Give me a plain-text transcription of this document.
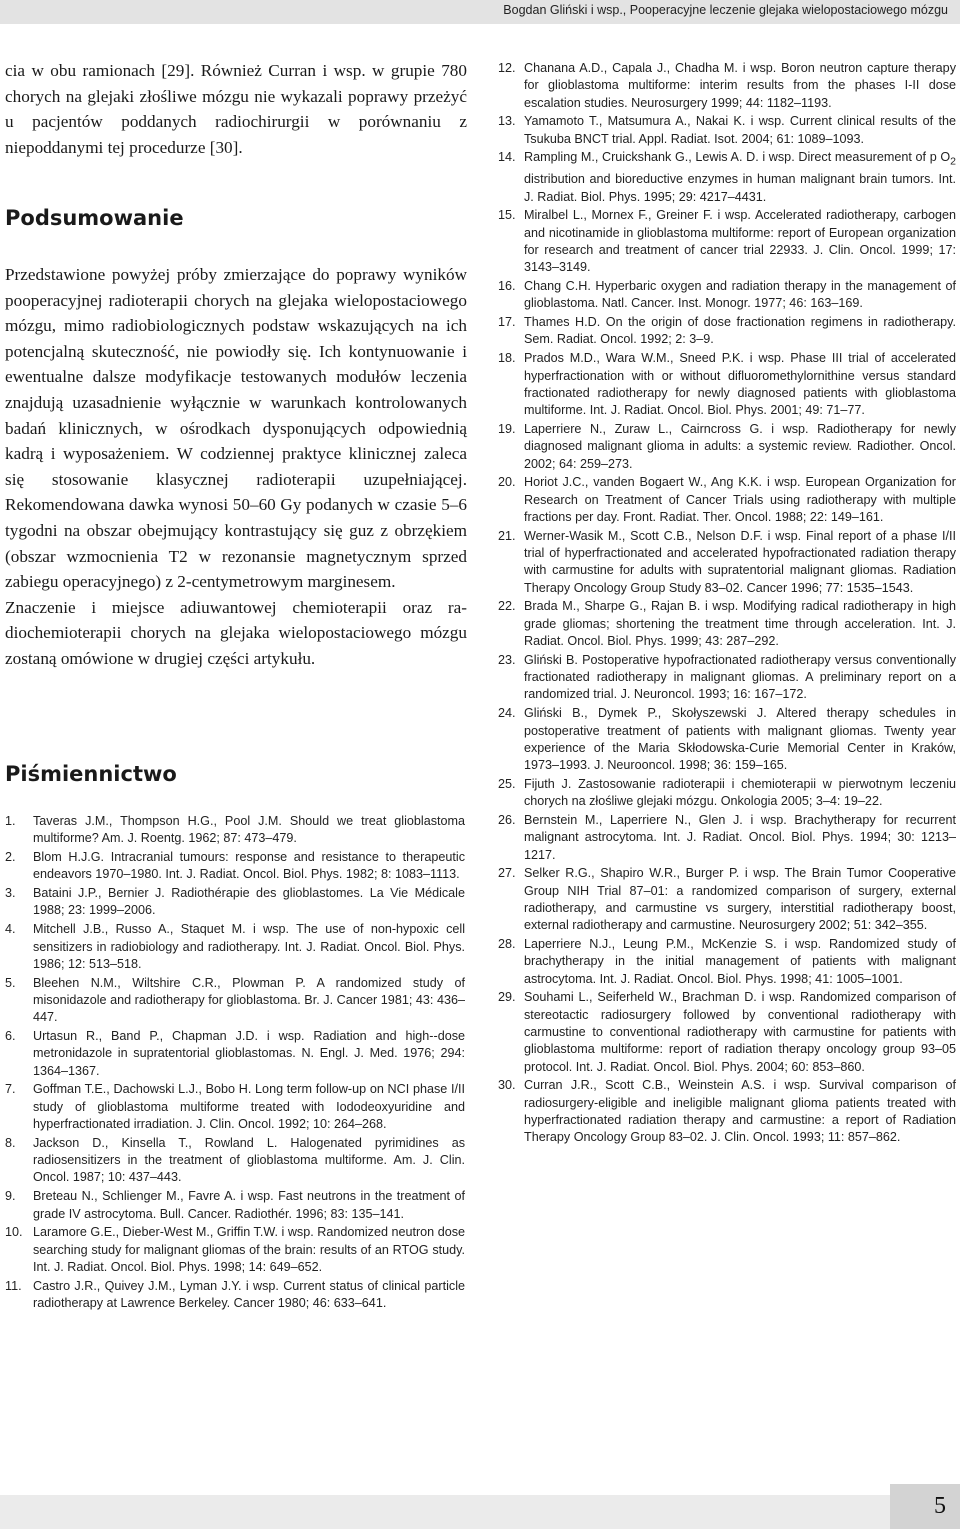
Bogdan Gliński i wsp., Pooperacyjne leczenie glejaka wielopostaciowego mózgu

cia w obu ramionach [29]. Również Curran i wsp. w grupie 780 chorych na glejaki złośliwe mózgu nie wykazali poprawy przeżyć u pacjentów poddanych radiochirurgii w porównaniu z niepoddanymi tej procedurze [30].

Podsumowanie

Przedstawione powyżej próby zmierzające do poprawy wyników pooperacyjnej radioterapii chorych na glejaka wielopostaciowego mózgu, mimo radiobiologicznych podstaw wskazujących na ich potencjalną skuteczność, nie powiodły się. Ich kontynuowanie i ewentualne dalsze modyfikacje testowanych modułów leczenia znajdują uzasadnienie wyłącznie w warunkach kontrolowanych badań klinicznych, w ośrodkach dysponujących odpowiednią kadrą i wyposażeniem. W codziennej praktyce klinicznej zaleca się stosowanie klasycznej radioterapii uzupełniającej. Rekomendowana dawka wynosi 50–60 Gy podanych w czasie 5–6 tygodni na obszar obejmujący kontrastujący się guz z obrzękiem (obszar wzmocnienia T2 w rezonansie magnetycznym sprzed zabiegu operacyjnego) z 2-centymetrowym marginesem.

Znaczenie i miejsce adiuwantowej chemioterapii oraz radiochemioterapii chorych na glejaka wielopostaciowego mózgu zostaną omówione w drugiej części artykułu.

Piśmiennictwo
1. Taveras J.M., Thompson H.G., Pool J.M. Should we treat glioblastoma multiforme? Am. J. Roentg. 1962; 87: 473–479.
2. Blom H.J.G. Intracranial tumours: response and resistance to therapeutic endeavors 1970–1980. Int. J. Radiat. Oncol. Biol. Phys. 1982; 8: 1083–1113.
3. Bataini J.P., Bernier J. Radiothérapie des glioblastomes. La Vie Médicale 1988; 23: 1999–2006.
4. Mitchell J.B., Russo A., Staquet M. i wsp. The use of non-hypoxic cell sensitizers in radiobiology and radiotherapy. Int. J. Radiat. Oncol. Biol. Phys. 1986; 12: 513–518.
5. Bleehen N.M., Wiltshire C.R., Plowman P. A randomized study of misonidazole and radiotherapy for glioblastoma. Br. J. Cancer 1981; 43: 436–447.
6. Urtasun R., Band P., Chapman J.D. i wsp. Radiation and high-​-dose metronidazole in supratentorial glioblastomas. N. Engl. J. Med. 1976; 294: 1364–1367.
7. Goffman T.E., Dachowski L.J., Bobo H. Long term follow-up on NCI phase I/II study of glioblastoma multiforme treated with Iododeoxyuridine and hyperfractionated irradiation. J. Clin. Oncol. 1992; 10: 264–268.
8. Jackson D., Kinsella T., Rowland L. Halogenated pyrimidines as radiosensitizers in the treatment of glioblastoma multiforme. Am. J. Clin. Oncol. 1987; 10: 437–443.
9. Breteau N., Schlienger M., Favre A. i wsp. Fast neutrons in the treatment of grade IV astrocytoma. Bull. Cancer. Radiothér. 1996; 83: 135–141.
10. Laramore G.E., Dieber-West M., Griffin T.W. i wsp. Randomized neutron dose searching study for malignant gliomas of the brain: results of an RTOG study. Int. J. Radiat. Oncol. Biol. Phys. 1998; 14: 649–652.
11. Castro J.R., Quivey J.M., Lyman J.Y. i wsp. Current status of clinical particle radiotherapy at Lawrence Berkeley. Cancer 1980; 46: 633–641.
12. Chanana A.D., Capala J., Chadha M. i wsp. Boron neutron capture therapy for glioblastoma multiforme: interim results from the phases I-II dose escalation studies. Neurosurgery 1999; 44: 1182–1193.
13. Yamamoto T., Matsumura A., Nakai K. i wsp. Current clinical results of the Tsukuba BNCT trial. Appl. Radiat. Isot. 2004; 61: 1089–1093.
14. Rampling M., Cruickshank G., Lewis A. D. i wsp. Direct measurement of p $O_2$ distribution and bioreductive enzymes in human malignant brain tumors. Int. J. Radiat. Biol. Phys. 1995; 29: 4217–4431.
15. Miralbel L., Mornex F., Greiner F. i wsp. Accelerated radiotherapy, carbogen and nicotinamide in glioblastoma multiforme: report of European organization for research and treatment of cancer trial 22933. J. Clin. Oncol. 1999; 17: 3143–3149.
16. Chang C.H. Hyperbaric oxygen and radiation therapy in the management of glioblastoma. Natl. Cancer. Inst. Monogr. 1977; 46: 163–169.
17. Thames H.D. On the origin of dose fractionation regimens in radiotherapy. Sem. Radiat. Oncol. 1992; 2: 3–9.
18. Prados M.D., Wara W.M., Sneed P.K. i wsp. Phase III trial of accelerated hyperfractionation with or without difluoromethylornithine versus standard fractionated radiotherapy for newly diagnosed patients with glioblastoma multiforme. Int. J. Radiat. Oncol. Biol. Phys. 2001; 49: 71–77.
19. Laperriere N., Zuraw L., Cairncross G. i wsp. Radiotherapy for newly diagnosed malignant glioma in adults: a systemic review. Radiother. Oncol. 2002; 64: 259–273.
20. Horiot J.C., vanden Bogaert W., Ang K.K. i wsp. European Organization for Research on Treatment of Cancer Trials using radiotherapy with multiple fractions per day. Front. Radiat. Ther. Oncol. 1988; 22: 149–161.
21. Werner-Wasik M., Scott C.B., Nelson D.F. i wsp. Final report of a phase I/II trial of hyperfractionated and accelerated hypofractionated radiation therapy with carmustine for adults with supratentorial malignant gliomas. Radiation Therapy Oncology Group Study 83–02. Cancer 1996; 77: 1535–1543.
22. Brada M., Sharpe G., Rajan B. i wsp. Modifying radical radiotherapy in high grade gliomas; shortening the treatment time through acceleration. Int. J. Radiat. Oncol. Biol. Phys. 1999; 43: 287–292.
23. Gliński B. Postoperative hypofractionated radiotherapy versus conventionally fractionated radiotherapy in malignant gliomas. A preliminary report on a randomized trial. J. Neuroncol. 1993; 16: 167–172.
24. Gliński B., Dymek P., Skołyszewski J. Altered therapy schedules in postoperative treatment of patients with malignant gliomas. Twenty year experience of the Maria Skłodowska-Curie Memorial Center in Kraków, 1973–1993. J. Neurooncol. 1998; 36: 159–165.
25. Fijuth J. Zastosowanie radioterapii i chemioterapii w pierwotnym leczeniu chorych na złośliwe glejaki mózgu. Onkologia 2005; 3–4: 19–22.
26. Bernstein M., Laperriere N., Glen J. i wsp. Brachytherapy for recurrent malignant astrocytoma. Int. J. Radiat. Oncol. Biol. Phys. 1994; 30: 1213–1217.
27. Selker R.G., Shapiro W.R., Burger P. i wsp. The Brain Tumor Cooperative Group NIH Trial 87–01: a randomized comparison of surgery, external radiotherapy, and carmustine vs surgery, interstitial radiotherapy boost, external radiotherapy and carmustine. Neurosurgery 2002; 51: 342–355.
28. Laperriere N.J., Leung P.M., McKenzie S. i wsp. Randomized study of brachytherapy in the initial management of patients with malignant astrocytoma. Int. J. Radiat. Oncol. Biol. Phys. 1998; 41: 1005–1001.
29. Souhami L., Seiferheld W., Brachman D. i wsp. Randomized comparison of stereotactic radiosurgery followed by conventional radiotherapy with carmustine to conventional radiotherapy with carmustine for patients with glioblastoma multiforme: report of radiation therapy oncology group 93–05 protocol. Int. J. Radiat. Oncol. Biol. Phys. 2004; 60: 853–860.
30. Curran J.R., Scott C.B., Weinstein A.S. i wsp. Survival comparison of radiosurgery-eligible and ineligible malignant glioma patients treated with hyperfractionated radiation therapy and carmustine: a report of Radiation Therapy Oncology Group 83–02. J. Clin. Oncol. 1993; 11: 857–862.
5
